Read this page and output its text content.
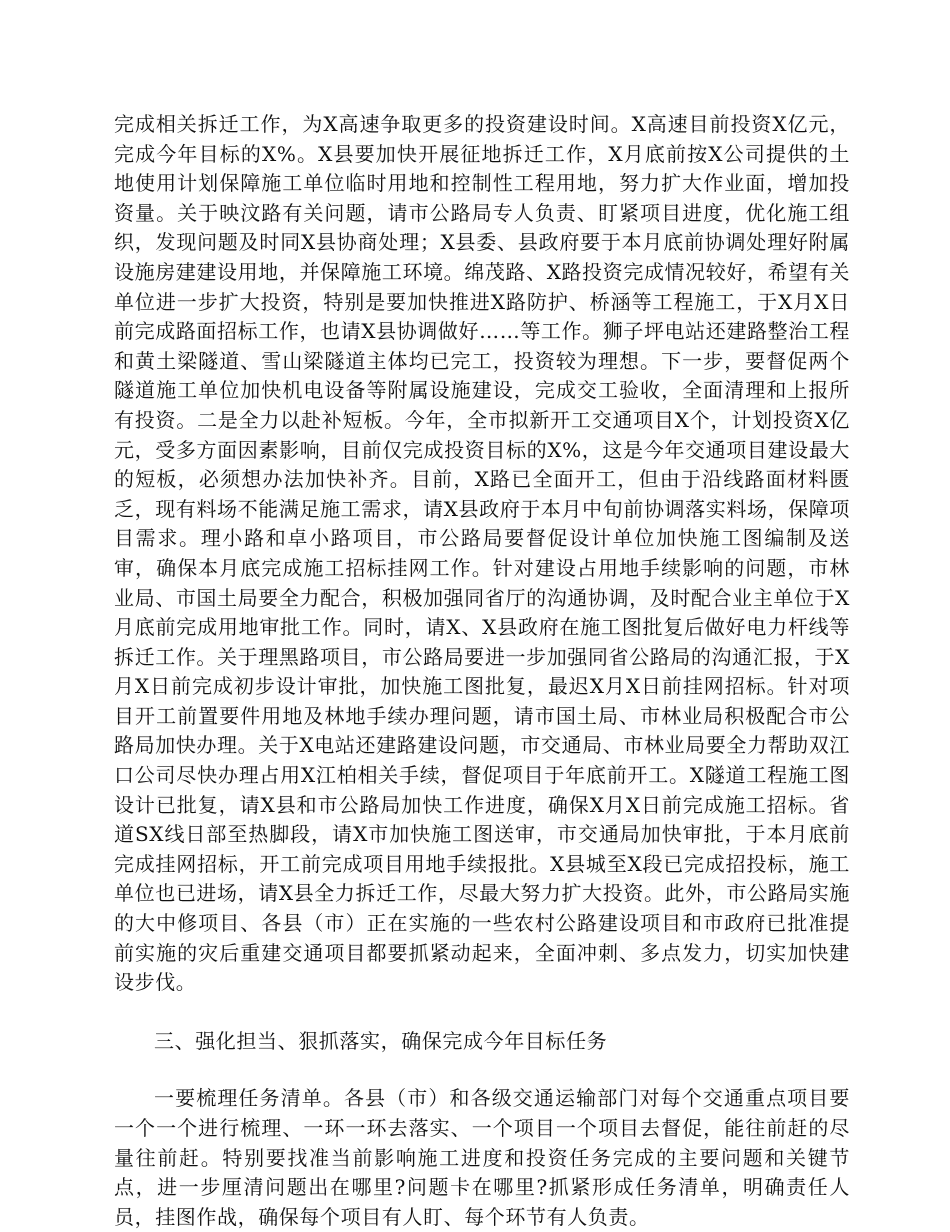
完成相关拆迁工作，为X高速争取更多的投资建设时间。X高速目前投资X亿元，完成今年目标的X%。X县要加快开展征地拆迁工作，X月底前按X公司提供的土地使用计划保障施工单位临时用地和控制性工程用地，努力扩大作业面，增加投资量。关于映汶路有关问题，请市公路局专人负责、盯紧项目进度，优化施工组织，发现问题及时同X县协商处理；X县委、县政府要于本月底前协调处理好附属设施房建建设用地，并保障施工环境。绵茂路、X路投资完成情况较好，希望有关单位进一步扩大投资，特别是要加快推进X路防护、桥涵等工程施工，于X月X日前完成路面招标工作，也请X县协调做好……等工作。狮子坪电站还建路整治工程和黄土梁隧道、雪山梁隧道主体均已完工，投资较为理想。下一步，要督促两个隧道施工单位加快机电设备等附属设施建设，完成交工验收，全面清理和上报所有投资。二是全力以赴补短板。今年，全市拟新开工交通项目X个，计划投资X亿元，受多方面因素影响，目前仅完成投资目标的X%，这是今年交通项目建设最大的短板，必须想办法加快补齐。目前，X路已全面开工，但由于沿线路面材料匮乏，现有料场不能满足施工需求，请X县政府于本月中旬前协调落实料场，保障项目需求。理小路和卓小路项目，市公路局要督促设计单位加快施工图编制及送审，确保本月底完成施工招标挂网工作。针对建设占用地手续影响的问题，市林业局、市国土局要全力配合，积极加强同省厅的沟通协调，及时配合业主单位于X月底前完成用地审批工作。同时，请X、X县政府在施工图批复后做好电力杆线等拆迁工作。关于理黑路项目，市公路局要进一步加强同省公路局的沟通汇报，于X月X日前完成初步设计审批，加快施工图批复，最迟X月X日前挂网招标。针对项目开工前置要件用地及林地手续办理问题，请市国土局、市林业局积极配合市公路局加快办理。关于X电站还建路建设问题，市交通局、市林业局要全力帮助双江口公司尽快办理占用X江柏相关手续，督促项目于年底前开工。X隧道工程施工图设计已批复，请X县和市公路局加快工作进度，确保X月X日前完成施工招标。省道SX线日部至热脚段，请X市加快施工图送审，市交通局加快审批，于本月底前完成挂网招标，开工前完成项目用地手续报批。X县城至X段已完成招投标，施工单位也已进场，请X县全力拆迁工作，尽最大努力扩大投资。此外，市公路局实施的大中修项目、各县（市）正在实施的一些农村公路建设项目和市政府已批准提前实施的灾后重建交通项目都要抓紧动起来，全面冲刺、多点发力，切实加快建设步伐。

三、强化担当、狠抓落实，确保完成今年目标任务

一要梳理任务清单。各县（市）和各级交通运输部门对每个交通重点项目要一个一个进行梳理、一环一环去落实、一个项目一个项目去督促，能往前赶的尽量往前赶。特别要找准当前影响施工进度和投资任务完成的主要问题和关键节点，进一步厘清问题出在哪里?问题卡在哪里?抓紧形成任务清单，明确责任人员，挂图作战，确保每个项目有人盯、每个环节有人负责。
